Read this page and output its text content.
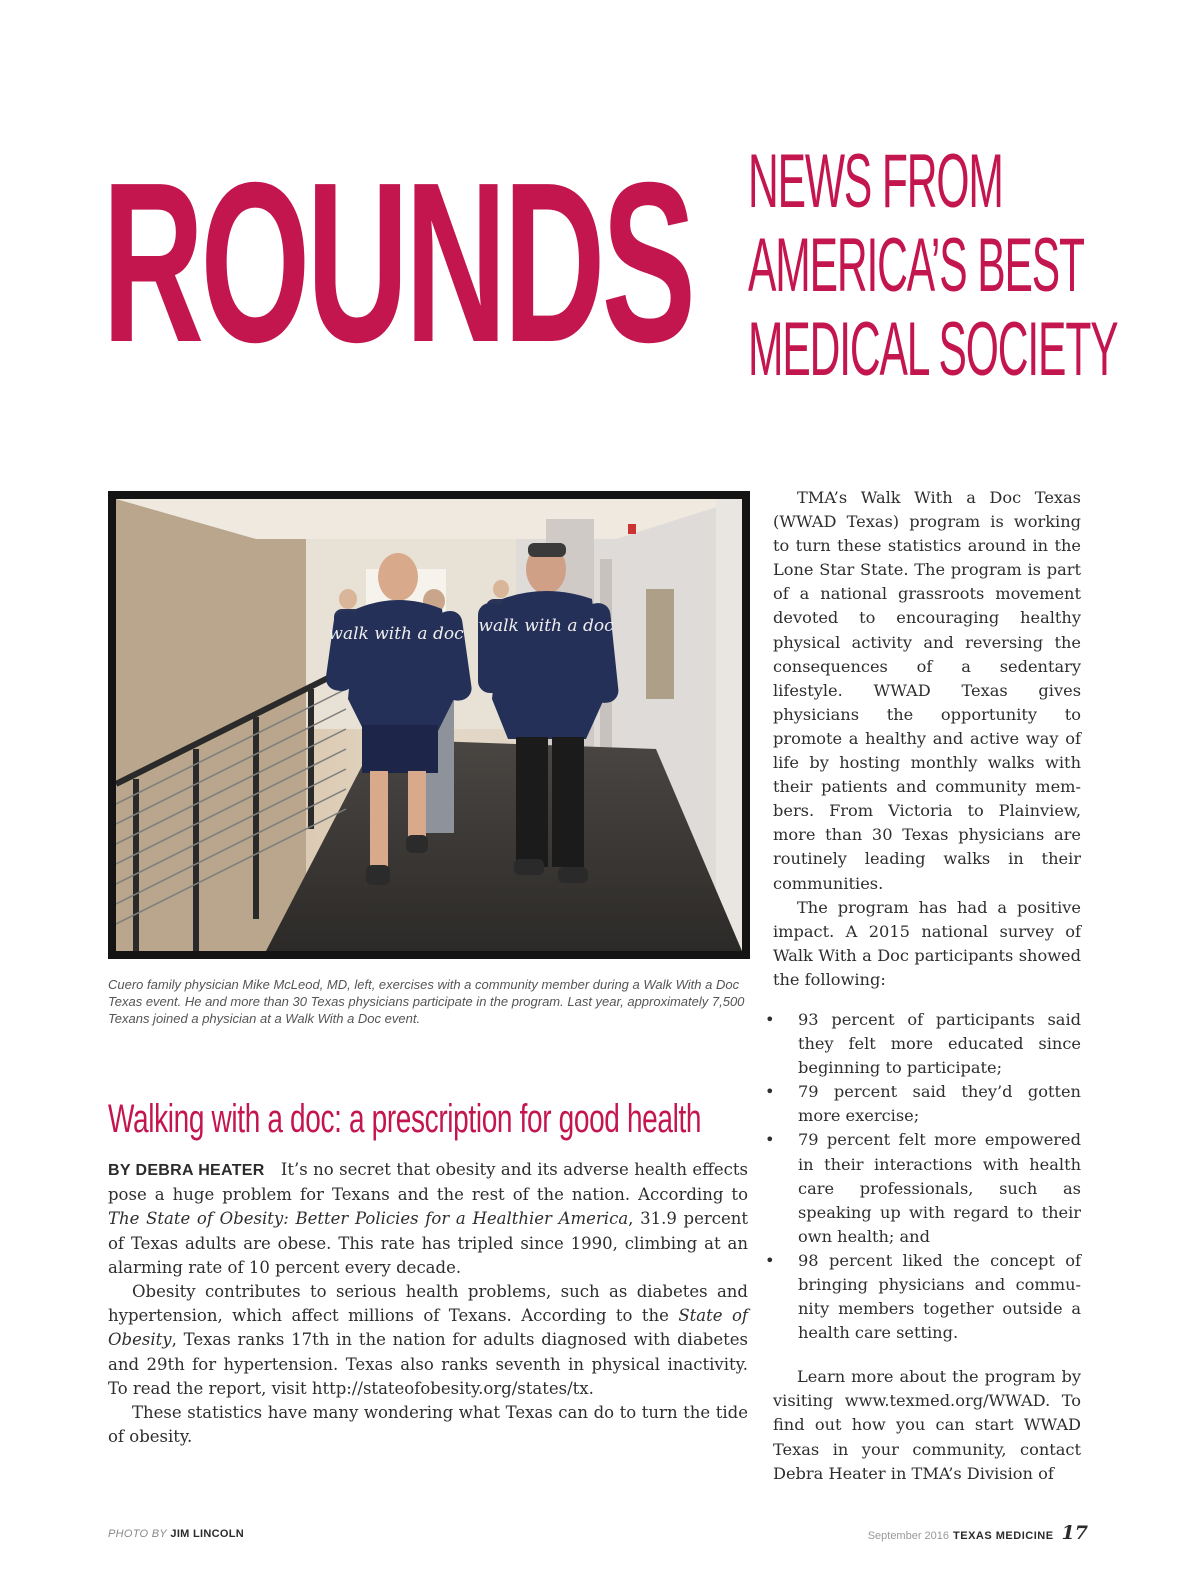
ROUNDS NEWS FROM
AMERICA’S BEST
MEDICAL SOCIETY
walk with a doc walk with a doc
Cuero family physician Mike McLeod, MD, left, exercises with a community member during a Walk With a Doc Texas event. He and more than 30 Texas physicians participate in the program. Last year, approximately 7,500 Texans joined a physician at a Walk With a Doc event.
Walking with a doc: a prescription for good health

BY DEBRA HEATER It’s no secret that obesity and its adverse health effects pose a huge problem for Texans and the rest of the nation. According to The State of Obesity: Better Policies for a Healthier America, 31.9 percent of Texas adults are obese. This rate has tripled since 1990, climbing at an alarming rate of 10 percent every decade.

Obesity contributes to serious health problems, such as diabetes and hypertension, which affect millions of Texans. According to the State of Obesity, Texas ranks 17th in the nation for adults diagnosed with diabetes and 29th for hypertension. Texas also ranks seventh in physical inactivity. To read the report, visit http://stateofobesity.org/states/tx.

These statistics have many wondering what Texas can do to turn the tide of obesity.

TMA’s Walk With a Doc Texas (WWAD Texas) program is working to turn these statistics around in the Lone Star State. The program is part of a national grassroots movement devoted to encouraging healthy physical activity and reversing the consequences of a sedentary lifestyle. WWAD Texas gives physicians the opportunity to promote a healthy and active way of life by hosting monthly walks with their patients and community members. From Victoria to Plainview, more than 30 Texas physicians are routinely leading walks in their communities.

The program has had a positive impact. A 2015 national survey of Walk With a Doc participants showed the following:

• 93 percent of participants said they felt more educated since beginning to participate;
• 79 percent said they’d gotten more exercise;
• 79 percent felt more empowered in their interactions with health care professionals, such as speaking up with regard to their own health; and
• 98 percent liked the concept of bringing physicians and community members together outside a health care setting.

Learn more about the program by visiting www.texmed.org/WWAD. To find out how you can start WWAD Texas in your community, contact Debra Heater in TMA’s Division of

PHOTO BY JIM LINCOLN	September 2016 TEXAS MEDICINE 17
